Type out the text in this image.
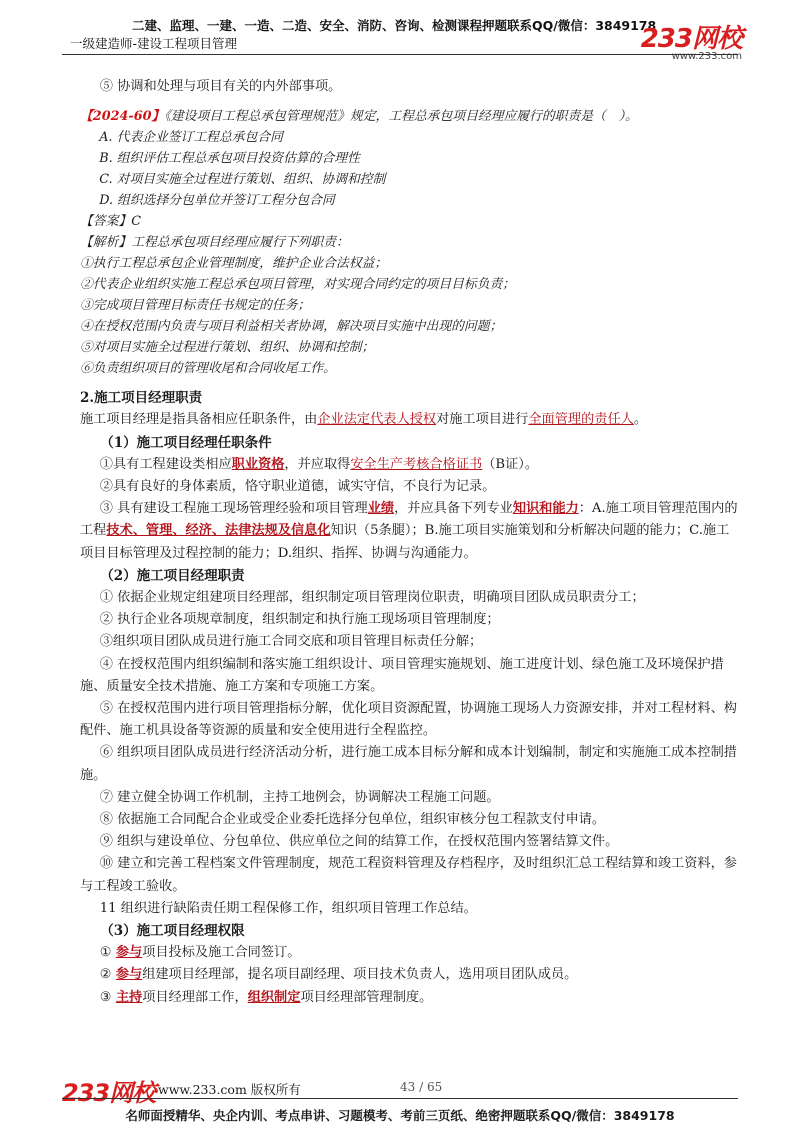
二建、监理、一建、一造、二造、安全、消防、咨询、检测课程押题联系QQ/微信：3849178
一级建造师-建设工程项目管理	233网校
www.233.com

⑤ 协调和处理与项目有关的内外部事项。

【2024-60】《建设项目工程总承包管理规范》规定，工程总承包项目经理应履行的职责是（　）。

A. 代表企业签订工程总承包合同

B. 组织评估工程总承包项目投资估算的合理性

C. 对项目实施全过程进行策划、组织、协调和控制

D. 组织选择分包单位并签订工程分包合同

【答案】C

【解析】工程总承包项目经理应履行下列职责：

①执行工程总承包企业管理制度，维护企业合法权益；

②代表企业组织实施工程总承包项目管理，对实现合同约定的项目目标负责；

③完成项目管理目标责任书规定的任务；

④在授权范围内负责与项目利益相关者协调，解决项目实施中出现的问题；

⑤对项目实施全过程进行策划、组织、协调和控制；

⑥负责组织项目的管理收尾和合同收尾工作。

2.施工项目经理职责

施工项目经理是指具备相应任职条件，由企业法定代表人授权对施工项目进行全面管理的责任人。

（1）施工项目经理任职条件

①具有工程建设类相应职业资格，并应取得安全生产考核合格证书（B证）。

②具有良好的身体素质，恪守职业道德，诚实守信，不良行为记录。

③ 具有建设工程施工现场管理经验和项目管理业绩，并应具备下列专业知识和能力：A.施工项目管理范围内的工程技术、管理、经济、法律法规及信息化知识（5条腿）；B.施工项目实施策划和分析解决问题的能力；C.施工项目目标管理及过程控制的能力；D.组织、指挥、协调与沟通能力。

（2）施工项目经理职责

① 依据企业规定组建项目经理部，组织制定项目管理岗位职责，明确项目团队成员职责分工；

② 执行企业各项规章制度，组织制定和执行施工现场项目管理制度；

③组织项目团队成员进行施工合同交底和项目管理目标责任分解；

④ 在授权范围内组织编制和落实施工组织设计、项目管理实施规划、施工进度计划、绿色施工及环境保护措施、质量安全技术措施、施工方案和专项施工方案。

⑤ 在授权范围内进行项目管理指标分解，优化项目资源配置，协调施工现场人力资源安排，并对工程材料、构配件、施工机具设备等资源的质量和安全使用进行全程监控。

⑥ 组织项目团队成员进行经济活动分析，进行施工成本目标分解和成本计划编制，制定和实施施工成本控制措施。

⑦ 建立健全协调工作机制，主持工地例会，协调解决工程施工问题。

⑧ 依据施工合同配合企业或受企业委托选择分包单位，组织审核分包工程款支付申请。

⑨ 组织与建设单位、分包单位、供应单位之间的结算工作，在授权范围内签署结算文件。

⑩ 建立和完善工程档案文件管理制度，规范工程资料管理及存档程序，及时组织汇总工程结算和竣工资料，参与工程竣工验收。

11 组织进行缺陷责任期工程保修工作，组织项目管理工作总结。

（3）施工项目经理权限

① 参与项目投标及施工合同签订。

② 参与组建项目经理部，提名项目副经理、项目技术负责人，选用项目团队成员。

③ 主持项目经理部工作，组织制定项目经理部管理制度。

233网校 www.233.com 版权所有	43 / 65
名师面授精华、央企内训、考点串讲、习题模考、考前三页纸、绝密押题联系QQ/微信：3849178
